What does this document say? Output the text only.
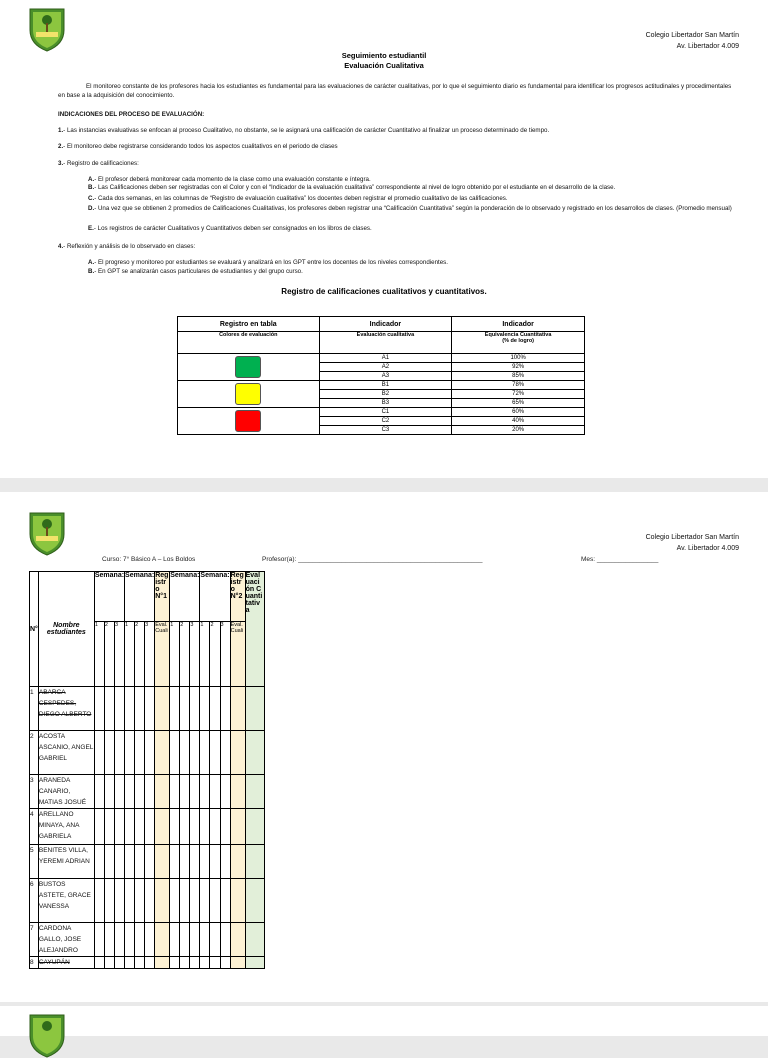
Colegio Libertador San Martín
Av. Libertador 4.009
Seguimiento estudiantil
Evaluación Cualitativa
El monitoreo constante de los profesores hacia los estudiantes es fundamental para las evaluaciones de carácter cualitativas, por lo que el seguimiento diario es fundamental para identificar los progresos actitudinales y procedimentales en base a la adquisición del conocimiento.
INDICACIONES DEL PROCESO DE EVALUACIÓN:
1.- Las instancias evaluativas se enfocan al proceso Cualitativo, no obstante, se le asignará una calificación de carácter Cuantitativo al finalizar un proceso determinado de tiempo.
2.- El monitoreo debe registrarse considerando todos los aspectos cualitativos en el periodo de clases
3.- Registro de calificaciones:
A.- El profesor deberá monitorear cada momento de la clase como una evaluación constante e íntegra.
B.- Las Calificaciones deben ser registradas con el Color y con el “Indicador de la evaluación cualitativa” correspondiente al nivel de logro obtenido por el estudiante en el desarrollo de la clase.
C.- Cada dos semanas, en las columnas de “Registro de evaluación cualitativa” los docentes deben registrar el promedio cualitativo de las calificaciones.
D.- Una vez que se obtienen 2 promedios de Calificaciones Cualitativas, los profesores deben registrar una “Calificación Cuantitativa” según la ponderación de lo observado y registrado en los desarrollos de clases. (Promedio mensual)
E.- Los registros de carácter Cualitativos y Cuantitativos deben ser consignados en los libros de clases.
4.- Reflexión y análisis de lo observado en clases:
A.- El progreso y monitoreo por estudiantes se evaluará y analizará en los GPT entre los docentes de los niveles correspondientes.
B.- En GPT se analizarán casos particulares de estudiantes y del grupo curso.
Registro de calificaciones cualitativos y cuantitativos.
Registro en tabla	Indicador	Indicador
Colores de evaluación	Evaluación cualitativa	Equivalencia Cuantitativa
(% de logro)

	A1	100%
	A2	92%
	A3	85%

	B1	78%
	B2	72%
	B3	65%

	C1	60%
	C2	40%
	C3	20%
Colegio Libertador San Martín
Av. Libertador 4.009
Curso: 7° Básico A – Los Boldos	Profesor(a): ___________________________________________________	Mes: _________________
N°	Nombre estudiantes	Semana:			Semana:			Registro N°1	Semana:			Semana:			Registro N°2	Evaluación Cuantitativa
		1	2	3	1	2	3	Eval. Cuali	1	2	3	1	2	3	Eval. Cuali	
1	ABARCA CESPEDES, DIEGO ALBERTO															
2	ACOSTA ASCANIO, ANGEL GABRIEL															
3	ARANEDA CANARIO, MATIAS JOSUÉ															
4	ARELLANO MINAYA, ANA GABRIELA															
5	BENITES VILLA, YEREMI ADRIAN															
6	BUSTOS ASTETE, GRACE VANESSA															
7	CARDONA GALLO, JOSE ALEJANDRO															
8	CAYUPÁN															
